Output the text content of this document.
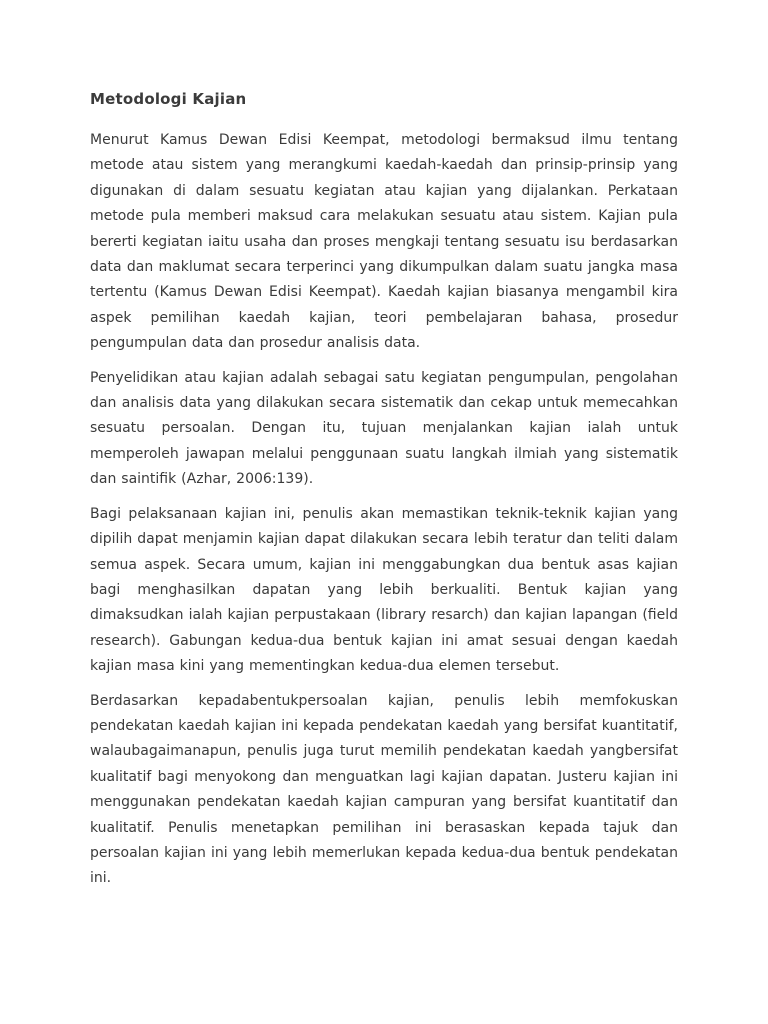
Metodologi Kajian

Menurut Kamus Dewan Edisi Keempat, metodologi bermaksud ilmu tentang metode atau sistem yang merangkumi kaedah-kaedah dan prinsip-prinsip yang digunakan di dalam sesuatu kegiatan atau kajian yang dijalankan. Perkataan metode pula memberi maksud cara melakukan sesuatu atau sistem. Kajian pula bererti kegiatan iaitu usaha dan proses mengkaji tentang sesuatu isu berdasarkan data dan maklumat secara terperinci yang dikumpulkan dalam suatu jangka masa tertentu (Kamus Dewan Edisi Keempat). Kaedah kajian biasanya mengambil kira aspek pemilihan kaedah kajian, teori pembelajaran bahasa, prosedur pengumpulan data dan prosedur analisis data.

Penyelidikan atau kajian adalah sebagai satu kegiatan pengumpulan, pengolahan dan analisis data yang dilakukan secara sistematik dan cekap untuk memecahkan sesuatu persoalan. Dengan itu, tujuan menjalankan kajian ialah untuk memperoleh jawapan melalui penggunaan suatu langkah ilmiah yang sistematik dan saintifik (Azhar, 2006:139).

Bagi pelaksanaan kajian ini, penulis akan memastikan teknik-teknik kajian yang dipilih dapat menjamin kajian dapat dilakukan secara lebih teratur dan teliti dalam semua aspek. Secara umum, kajian ini menggabungkan dua bentuk asas kajian bagi menghasilkan dapatan yang lebih berkualiti. Bentuk kajian yang dimaksudkan ialah kajian perpustakaan (library resarch) dan kajian lapangan (field research). Gabungan kedua-dua bentuk kajian ini amat sesuai dengan kaedah kajian masa kini yang mementingkan kedua-dua elemen tersebut.

Berdasarkan kepadabentukpersoalan kajian, penulis lebih memfokuskan pendekatan kaedah kajian ini kepada pendekatan kaedah yang bersifat kuantitatif, walaubagaimanapun, penulis juga turut memilih pendekatan kaedah yangbersifat kualitatif bagi menyokong dan menguatkan lagi kajian dapatan. Justeru kajian ini menggunakan pendekatan kaedah kajian campuran yang bersifat kuantitatif dan kualitatif. Penulis menetapkan pemilihan ini berasaskan kepada tajuk dan persoalan kajian ini yang lebih memerlukan kepada kedua-dua bentuk pendekatan ini.
